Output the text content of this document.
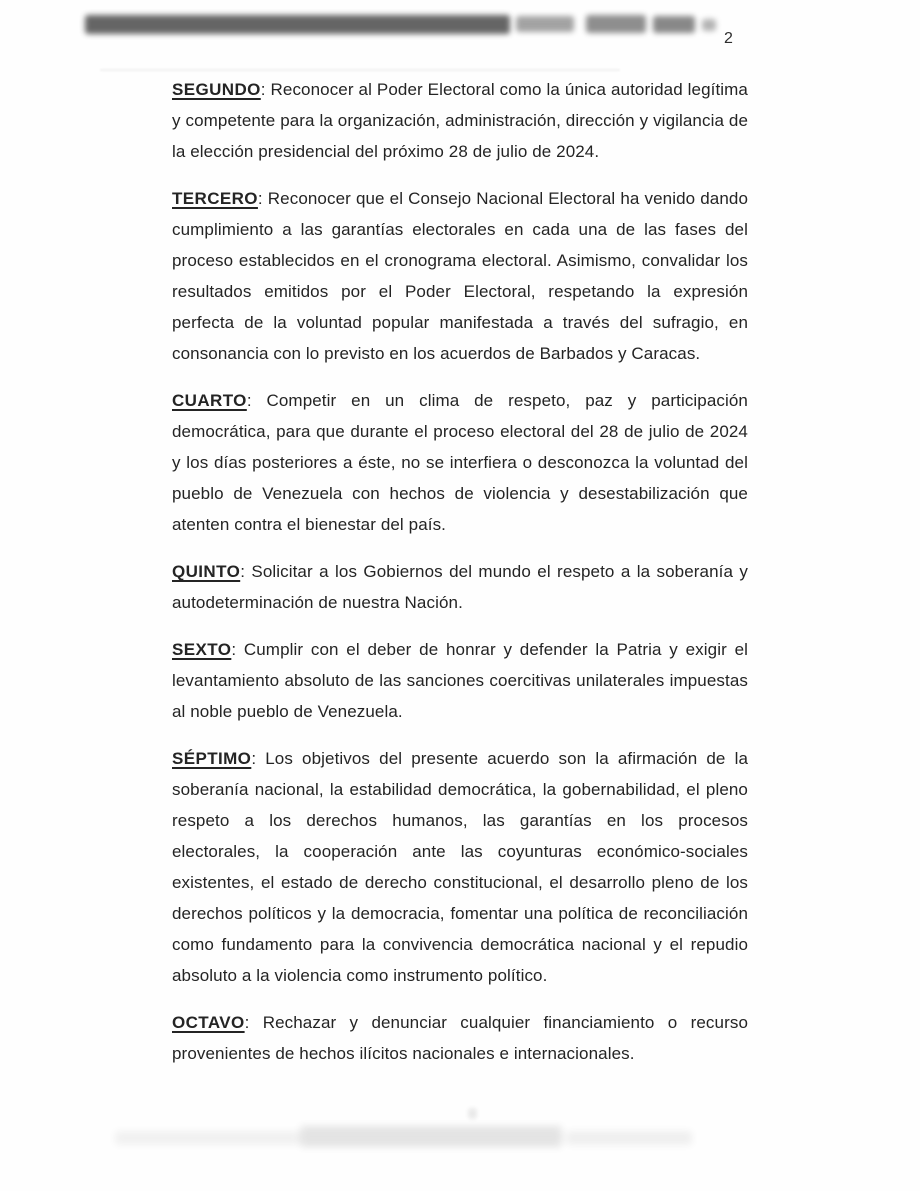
2
SEGUNDO: Reconocer al Poder Electoral como la única autoridad legítima y competente para la organización, administración, dirección y vigilancia de la elección presidencial del próximo 28 de julio de 2024.
TERCERO: Reconocer que el Consejo Nacional Electoral ha venido dando cumplimiento a las garantías electorales en cada una de las fases del proceso establecidos en el cronograma electoral. Asimismo, convalidar los resultados emitidos por el Poder Electoral, respetando la expresión perfecta de la voluntad popular manifestada a través del sufragio, en consonancia con lo previsto en los acuerdos de Barbados y Caracas.
CUARTO: Competir en un clima de respeto, paz y participación democrática, para que durante el proceso electoral del 28 de julio de 2024 y los días posteriores a éste, no se interfiera o desconozca la voluntad del pueblo de Venezuela con hechos de violencia y desestabilización que atenten contra el bienestar del país.
QUINTO: Solicitar a los Gobiernos del mundo el respeto a la soberanía y autodeterminación de nuestra Nación.
SEXTO: Cumplir con el deber de honrar y defender la Patria y exigir el levantamiento absoluto de las sanciones coercitivas unilaterales impuestas al noble pueblo de Venezuela.
SÉPTIMO: Los objetivos del presente acuerdo son la afirmación de la soberanía nacional, la estabilidad democrática, la gobernabilidad, el pleno respeto a los derechos humanos, las garantías en los procesos electorales, la cooperación ante las coyunturas económico-sociales existentes, el estado de derecho constitucional, el desarrollo pleno de los derechos políticos y la democracia, fomentar una política de reconciliación como fundamento para la convivencia democrática nacional y el repudio absoluto a la violencia como instrumento político.
OCTAVO: Rechazar y denunciar cualquier financiamiento o recurso provenientes de hechos ilícitos nacionales e internacionales.
